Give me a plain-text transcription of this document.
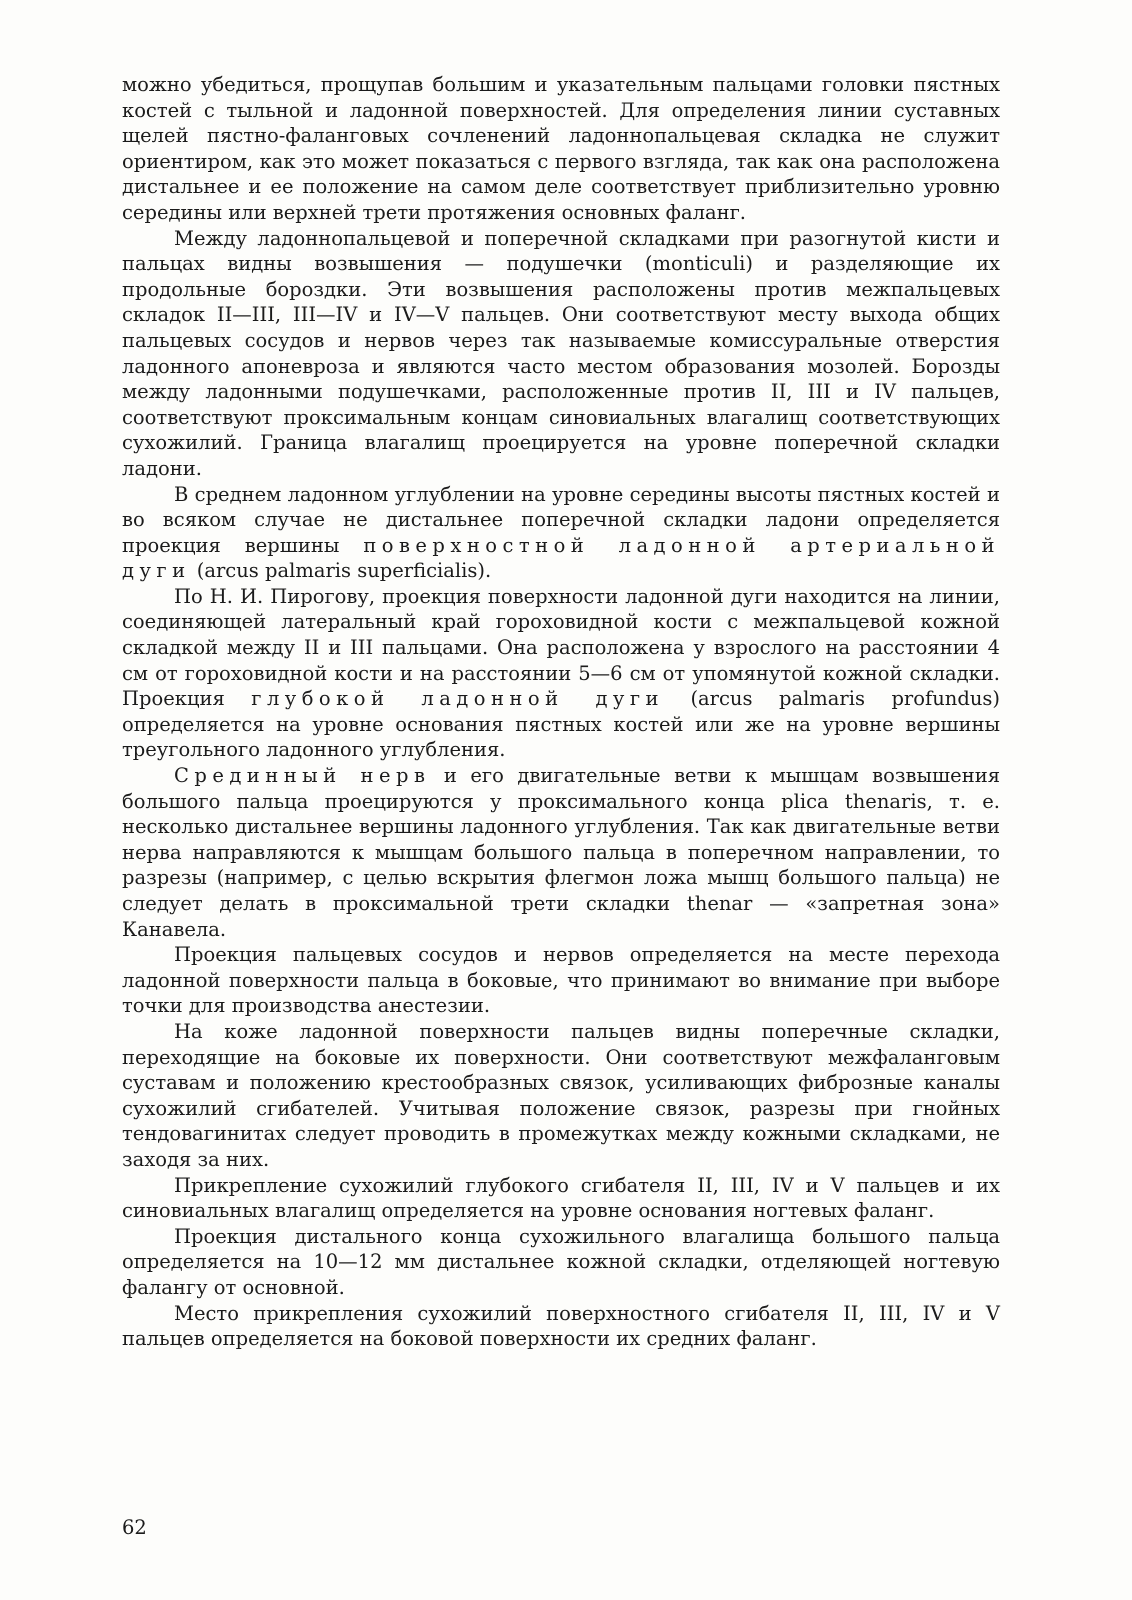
можно убедиться, прощупав большим и указательным пальцами головки пястных костей с тыльной и ладонной поверхностей. Для определения линии суставных щелей пястно-фаланговых сочленений ладоннопальцевая складка не служит ориентиром, как это может показаться с первого взгляда, так как она расположена дистальнее и ее положение на самом деле соответствует приблизительно уровню середины или верхней трети протяжения основных фаланг.

Между ладоннопальцевой и поперечной складками при разогнутой кисти и пальцах видны возвышения — подушечки (monticuli) и разделяющие их продольные бороздки. Эти возвышения расположены против межпальцевых складок II—III, III—IV и IV—V пальцев. Они соответствуют месту выхода общих пальцевых сосудов и нервов через так называемые комиссуральные отверстия ладонного апоневроза и являются часто местом образования мозолей. Борозды между ладонными подушечками, расположенные против II, III и IV пальцев, соответствуют проксимальным концам синовиальных влагалищ соответствующих сухожилий. Граница влагалищ проецируется на уровне поперечной складки ладони.

В среднем ладонном углублении на уровне середины высоты пястных костей и во всяком случае не дистальнее поперечной складки ладони определяется проекция вершины поверхностной ладонной артериальной дуги (arcus palmaris superficialis).

По Н. И. Пирогову, проекция поверхности ладонной дуги находится на линии, соединяющей латеральный край гороховидной кости с межпальцевой кожной складкой между II и III пальцами. Она расположена у взрослого на расстоянии 4 см от гороховидной кости и на расстоянии 5—6 см от упомянутой кожной складки. Проекция глубокой ладонной дуги (arcus palmaris profundus) определяется на уровне основания пястных костей или же на уровне вершины треугольного ладонного углубления.

Срединный нерв и его двигательные ветви к мышцам возвышения большого пальца проецируются у проксимального конца plica thenaris, т. е. несколько дистальнее вершины ладонного углубления. Так как двигательные ветви нерва направляются к мышцам большого пальца в поперечном направлении, то разрезы (например, с целью вскрытия флегмон ложа мышц большого пальца) не следует делать в проксимальной трети складки thenar — «запретная зона» Канавела.

Проекция пальцевых сосудов и нервов определяется на месте перехода ладонной поверхности пальца в боковые, что принимают во внимание при выборе точки для производства анестезии.

На коже ладонной поверхности пальцев видны поперечные складки, переходящие на боковые их поверхности. Они соответствуют межфаланговым суставам и положению крестообразных связок, усиливающих фиброзные каналы сухожилий сгибателей. Учитывая положение связок, разрезы при гнойных тендовагинитах следует проводить в промежутках между кожными складками, не заходя за них.

Прикрепление сухожилий глубокого сгибателя II, III, IV и V пальцев и их синовиальных влагалищ определяется на уровне основания ногтевых фаланг.

Проекция дистального конца сухожильного влагалища большого пальца определяется на 10—12 мм дистальнее кожной складки, отделяющей ногтевую фалангу от основной.

Место прикрепления сухожилий поверхностного сгибателя II, III, IV и V пальцев определяется на боковой поверхности их средних фаланг.

62
